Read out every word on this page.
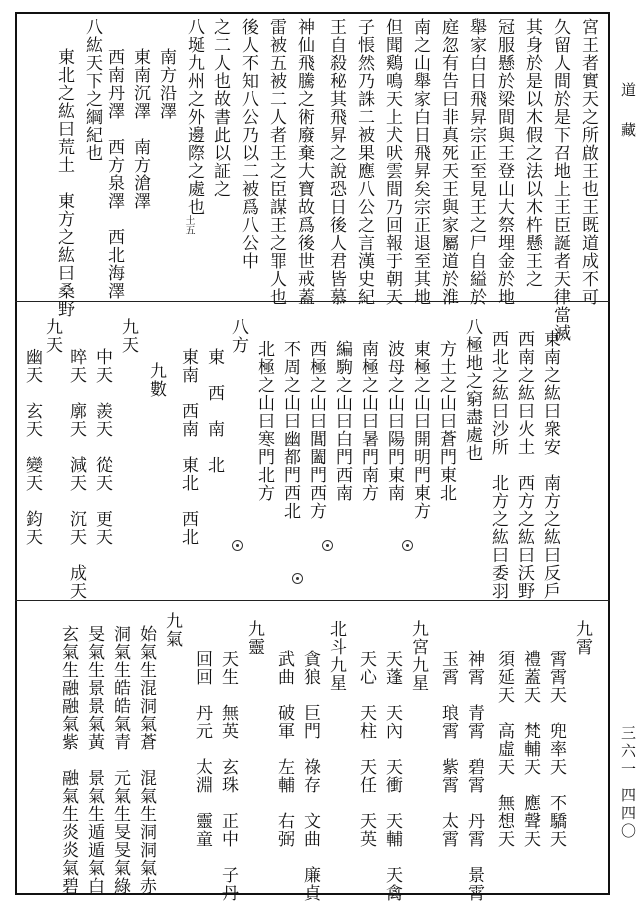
道 藏
三六一 四四〇
宮王者實天之所啟王也王既道成不可
久留人間於是下召地上王臣誕者天律當滅
其身於是以木假之法以木杵懸王之
冠服懸於梁間與王登山大祭埋金於地
舉家白日飛昇宗正至見王之尸自縊於
庭忽有告曰非真死天王與家屬道於淮
南之山舉家白日飛昇矣宗正退至其地
但聞鷄鳴天上犬吠雲間乃回報于朝天
子悵然乃誅二被果應八公之言漢史紀
王自殺秘其飛昇之說恐日後人君皆慕
神仙飛騰之術廢棄大寶故爲後世戒蓋
雷被五被二人者王之臣謀王之罪人也
後人不知八公乃以二被爲八公中
之二人也故書此以証之
八埏九州之外邊際之處也
土五
南方沿澤
東南沉澤　南方滄澤
西南丹澤　西方泉澤　西北海澤
八紘天下之綱紀也
東北之紘曰荒土　東方之紘曰桑野
東南之紘曰衆安　南方之紘曰反戶
西南之紘曰火土　西方之紘曰沃野
西北之紘曰沙所　北方之紘曰委羽
八極地之窮盡處也
方土之山曰蒼門東北
東極之山曰開明門東方
波母之山曰陽門東南
南極之山曰暑門南方
編駒之山曰白門西南
西極之山曰閶闔門西方
不周之山曰幽都門西北
北極之山曰寒門北方
八方
東　西　南　北
東南　西南　東北　西北
九數
九天
中天　羨天　從天　更天
晬天　廓天　減天　沉天　成天
九天
幽天　玄天　變天　鈞天
九霄
霄霄天　兜率天　不驕天
禮蓋天　梵輔天　應聲天
須延天　高虛天　無想天
神霄　青霄　碧霄　丹霄　景霄
玉霄　琅霄　紫霄　太霄
九宮九星
天蓬　天內　天衝　天輔　天禽
天心　天柱　天任　天英
北斗九星
貪狼　巨門　祿存　文曲　廉貞
武曲　破軍　左輔　右弼
九靈
天生　無英　玄珠　正中　子丹
回回　丹元　太淵　靈童
九氣
始氣生混洞氣蒼　混氣生洞洞氣赤
洞氣生皓皓氣青　元氣生旻旻氣綠
旻氣生景景氣黃　景氣生遁遁氣白
玄氣生融融氣紫　融氣生炎炎氣碧
